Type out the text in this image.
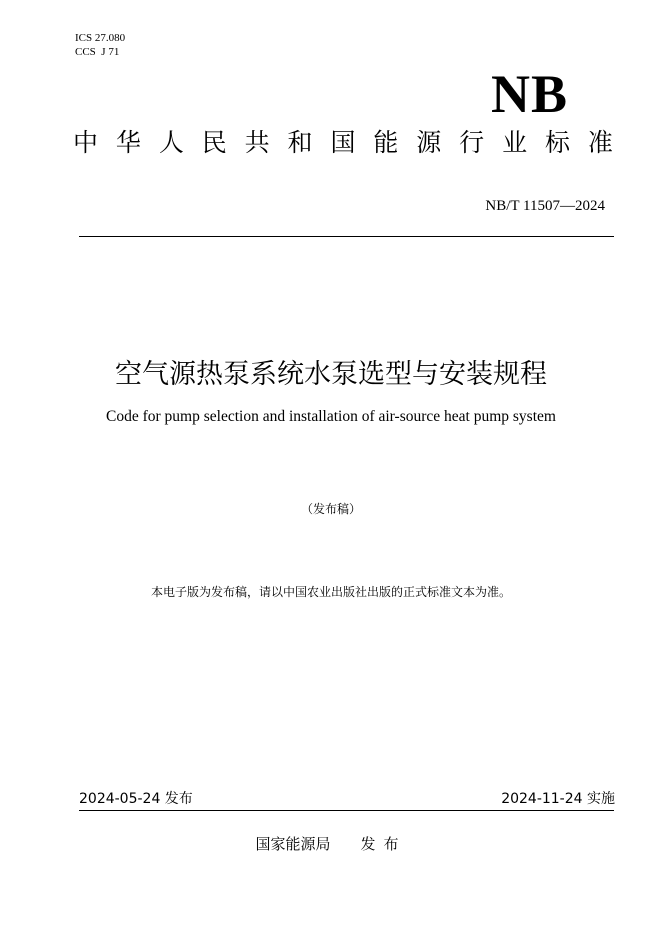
ICS 27.080
CCS  J 71
NB
中 华 人 民 共 和 国 能 源 行 业 标 准
NB/T 11507—2024
空气源热泵系统水泵选型与安装规程
Code for pump selection and installation of air-source heat pump system
（发布稿）
本电子版为发布稿，请以中国农业出版社出版的正式标准文本为准。
2024-05-24 发布	2024-11-24 实施
国家能源局 发布
